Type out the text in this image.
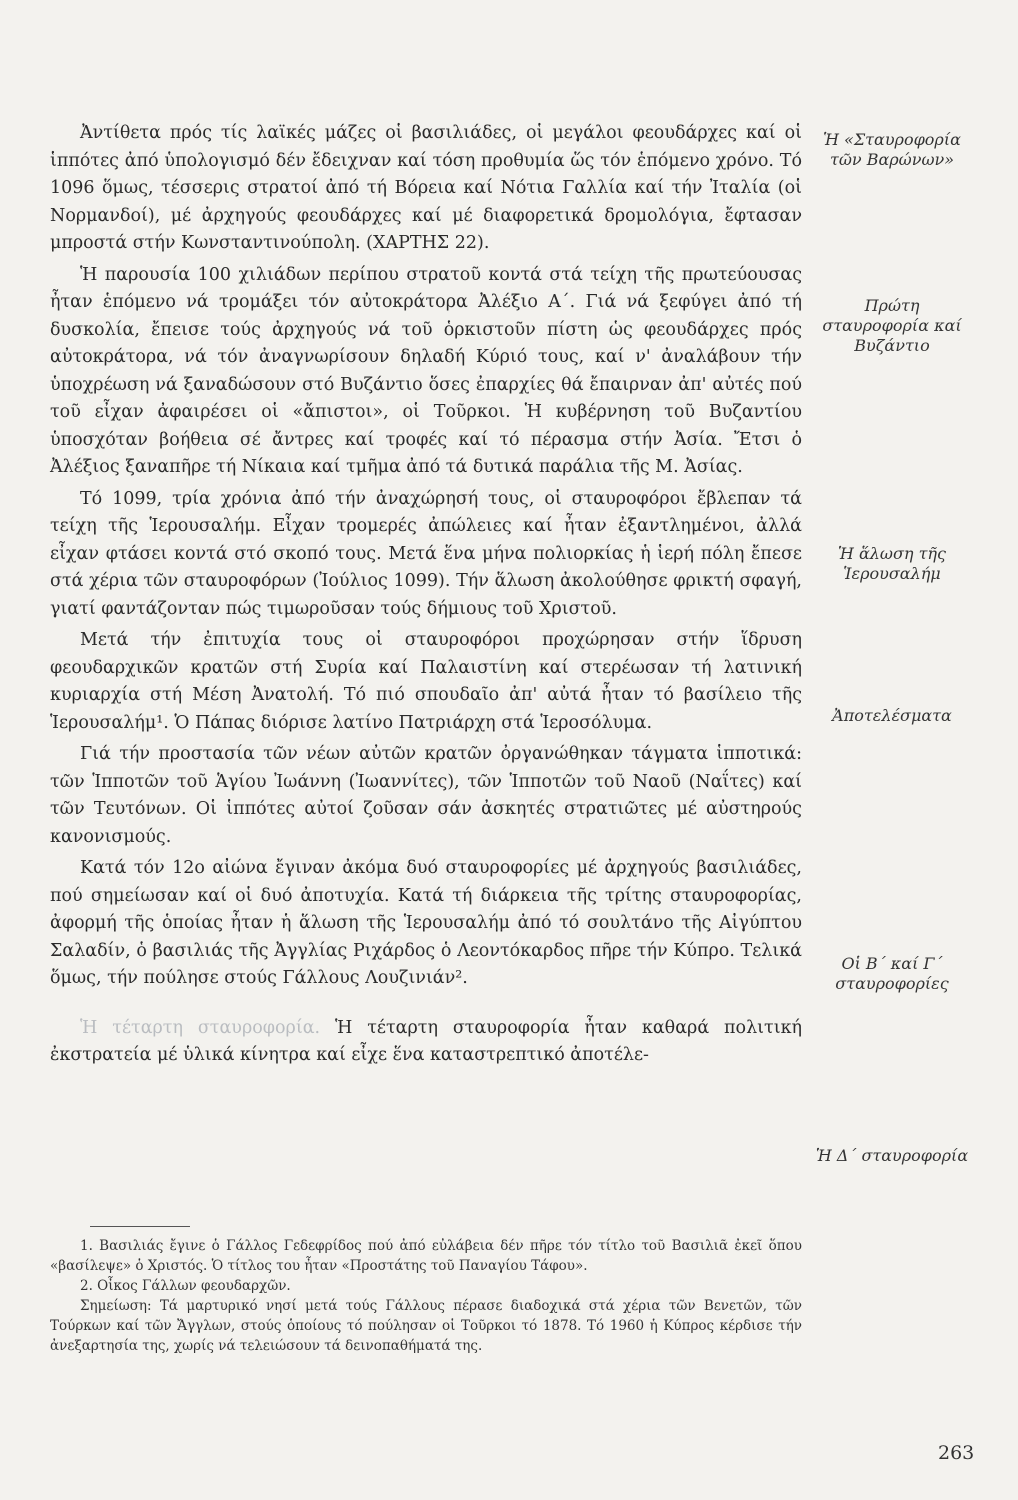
Ἀντίθετα πρός τίς λαϊκές μάζες οἱ βασιλιάδες, οἱ μεγάλοι φεουδάρχες καί οἱ ἱππότες ἀπό ὑπολογισμό δέν ἔδειχναν καί τόση προθυμία ὥς τόν ἑπόμενο χρόνο. Τό 1096 ὅμως, τέσσερις στρατοί ἀπό τή Βόρεια καί Νότια Γαλλία καί τήν Ἰταλία (οἱ Νορμανδοί), μέ ἀρχηγούς φεουδάρχες καί μέ διαφορετικά δρομολόγια, ἔφτασαν μπροστά στήν Κωνσταντινούπολη. (ΧΑΡΤΗΣ 22).

Ἡ παρουσία 100 χιλιάδων περίπου στρατοῦ κοντά στά τείχη τῆς πρωτεύουσας ἦταν ἑπόμενο νά τρομάξει τόν αὐτοκράτορα Ἀλέξιο Α΄. Γιά νά ξεφύγει ἀπό τή δυσκολία, ἔπεισε τούς ἀρχηγούς νά τοῦ ὁρκιστοῦν πίστη ὡς φεουδάρχες πρός αὐτοκράτορα, νά τόν ἀναγνωρίσουν δηλαδή Κύριό τους, καί ν' ἀναλάβουν τήν ὑποχρέωση νά ξαναδώσουν στό Βυζάντιο ὅσες ἐπαρχίες θά ἔπαιρναν ἀπ' αὐτές πού τοῦ εἶχαν ἀφαιρέσει οἱ «ἄπιστοι», οἱ Τοῦρκοι. Ἡ κυβέρνηση τοῦ Βυζαντίου ὑποσχόταν βοήθεια σέ ἄντρες καί τροφές καί τό πέρασμα στήν Ἀσία. Ἔτσι ὁ Ἀλέξιος ξαναπῆρε τή Νίκαια καί τμῆμα ἀπό τά δυτικά παράλια τῆς Μ. Ἀσίας.

Τό 1099, τρία χρόνια ἀπό τήν ἀναχώρησή τους, οἱ σταυροφόροι ἔβλεπαν τά τείχη τῆς Ἱερουσαλήμ. Εἶχαν τρομερές ἀπώλειες καί ἦταν ἐξαντλημένοι, ἀλλά εἶχαν φτάσει κοντά στό σκοπό τους. Μετά ἕνα μήνα πολιορκίας ἡ ἱερή πόλη ἔπεσε στά χέρια τῶν σταυροφόρων (Ἰούλιος 1099). Τήν ἅλωση ἀκολούθησε φρικτή σφαγή, γιατί φαντάζονταν πώς τιμωροῦσαν τούς δήμιους τοῦ Χριστοῦ.

Μετά τήν ἐπιτυχία τους οἱ σταυροφόροι προχώρησαν στήν ἵδρυση φεουδαρχικῶν κρατῶν στή Συρία καί Παλαιστίνη καί στερέωσαν τή λατινική κυριαρχία στή Μέση Ἀνατολή. Τό πιό σπουδαῖο ἀπ' αὐτά ἦταν τό βασίλειο τῆς Ἱερουσαλήμ¹. Ὁ Πάπας διόρισε λατίνο Πατριάρχη στά Ἱεροσόλυμα.

Γιά τήν προστασία τῶν νέων αὐτῶν κρατῶν ὀργανώθηκαν τάγματα ἱπποτικά: τῶν Ἱπποτῶν τοῦ Ἁγίου Ἰωάννη (Ἰωαννίτες), τῶν Ἱπποτῶν τοῦ Ναοῦ (Ναΐτες) καί τῶν Τευτόνων. Οἱ ἱππότες αὐτοί ζοῦσαν σάν ἀσκητές στρατιῶτες μέ αὐστηρούς κανονισμούς.

Κατά τόν 12ο αἰώνα ἔγιναν ἀκόμα δυό σταυροφορίες μέ ἀρχηγούς βασιλιάδες, πού σημείωσαν καί οἱ δυό ἀποτυχία. Κατά τή διάρκεια τῆς τρίτης σταυροφορίας, ἀφορμή τῆς ὁποίας ἦταν ἡ ἅλωση τῆς Ἱερουσαλήμ ἀπό τό σουλτάνο τῆς Αἰγύπτου Σαλαδίν, ὁ βασιλιάς τῆς Ἀγγλίας Ριχάρδος ὁ Λεοντόκαρδος πῆρε τήν Κύπρο. Τελικά ὅμως, τήν πούλησε στούς Γάλλους Λουζινιάν².

Ἡ τέταρτη σταυροφορία. Ἡ τέταρτη σταυροφορία ἦταν καθαρά πολιτική ἐκστρατεία μέ ὑλικά κίνητρα καί εἶχε ἕνα καταστρεπτικό ἀποτέλε-

Ἡ «Σταυροφορία τῶν Βαρώνων»
Πρώτη σταυροφορία καί Βυζάντιο
Ἡ ἅλωση τῆς Ἱερουσαλήμ
Ἀποτελέσματα
Οἱ Β΄ καί Γ΄ σταυροφορίες
Ἡ Δ΄ σταυροφορία

1. Βασιλιάς ἔγινε ὁ Γάλλος Γεδεφρίδος πού ἀπό εὐλάβεια δέν πῆρε τόν τίτλο τοῦ Βασιλιᾶ ἐκεῖ ὅπου «βασίλεψε» ὁ Χριστός. Ὁ τίτλος του ἦταν «Προστάτης τοῦ Παναγίου Τάφου».

2. Οἶκος Γάλλων φεουδαρχῶν.

Σημείωση: Τά μαρτυρικό νησί μετά τούς Γάλλους πέρασε διαδοχικά στά χέρια τῶν Βενετῶν, τῶν Τούρκων καί τῶν Ἄγγλων, στούς ὁποίους τό πούλησαν οἱ Τοῦρκοι τό 1878. Τό 1960 ἡ Κύπρος κέρδισε τήν ἀνεξαρτησία της, χωρίς νά τελειώσουν τά δεινοπαθήματά της.

263
